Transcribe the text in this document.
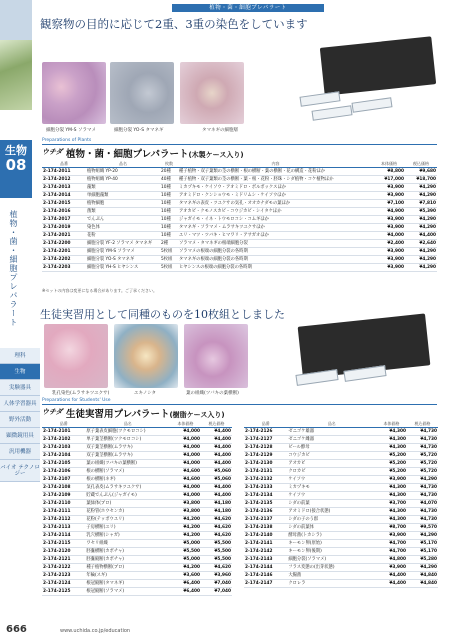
生物
08
植物・菌・細胞プレパラート
理科
生物
実験器具
人体学習器具
野外活動
顕微鏡用具
汎用機器
バイオ テクノロジー
植物・菌・細胞プレパラート
観察物の目的に応じて2重、3重の染色をしています
細胞分裂 YM-S ソラマメ	細胞分裂 YO-S タマネギ	タマネギの細胞層
Preparations of Plants
ウチダ 植物・菌・細胞プレパラート(木製ケース入り)
品番	品名	枚数	内容	本体価格	税込価格
2-174-2011	植物組織 YP-20	20種	種子植物・双子葉類の茎の横断・根の横断・葉の横断・花の構造・花粉ほか	¥8,800	¥9,680
2-174-2012	植物組織 YP-40	40種	種子植物・双子葉類の茎の横断・葉・根・花粉・胚珠・シダ植物・コケ植物ほか	¥17,000	¥18,700
2-174-2013	藻類	10種	ミカヅキモ・ケイソウ・アオミドロ・ボルボックスほか	¥3,900	¥4,290
2-174-2014	単細胞藻類	10種	アオミドロ・クンショウモ・ミドリムシ・ケイソウほか	¥3,900	¥4,290
2-174-2015	植物細胞	10種	タマネギの表皮・ツユクサの気孔・オオカナダモの葉ほか	¥7,100	¥7,810
2-174-2016	菌類	10種	アオカビ・クモノスカビ・コウジカビ・シイタケほか	¥4,900	¥5,390
2-174-2017	でんぷん	10種	ジャガイモ・イネ・トウモロコシ・コムギほか	¥3,900	¥4,290
2-174-2019	染色体	10種	タマネギ・ソラマメ・ムラサキツユクサほか	¥3,900	¥4,290
2-174-2021	花粉	10種	ユリ・マツ・ツバキ・ヒマワリ・アサガオほか	¥4,000	¥4,400
2-174-2200	細胞分裂 YF-2 ソラマメ タマネギ	2種	ソラマメ・タマネギの根端細胞分裂	¥2,400	¥2,640
2-174-2201	細胞分裂 YM-S ソラマメ	5枚組	ソラマメの根端の細胞分裂の各時期	¥3,900	¥4,290
2-174-2202	細胞分裂 YO-S タマネギ	5枚組	タマネギの根端の細胞分裂の各時期	¥3,900	¥4,290
2-174-2203	細胞分裂 YH-S ヒヤシンス	5枚組	ヒヤシンスの根端の細胞分裂の各時期	¥3,900	¥4,290
※セットの内容は変更になる場合があります。ご了承ください。
生徒実習用として同種のものを10枚組としました
乳孔染色(ムラサキツユクサ)	ユキノシタ	葉の組織(ツバキの葉横断)
Preparations for Students' Use
ウチダ 生徒実習用プレパラート(樹脂ケース入り)
品番	品名	本体価格	税込価格
2-174-2101	原子葉表皮細胞(ツクモロコシ)	¥4,000	¥4,400
2-174-2102	単子葉茎横断(ツクモロコシ)	¥4,000	¥4,400
2-174-2103	双子葉茎横断(ムラサキ)	¥4,000	¥4,400
2-174-2104	双子葉茎横断(ムラサキ)	¥4,000	¥4,400
2-174-2105	葉の組織(ツバキの葉横断)	¥4,000	¥4,400
2-174-2106	根の横断(ソラマメ)	¥4,600	¥5,060
2-174-2107	根の横断(ネギ)	¥4,600	¥5,060
2-174-2108	気孔表皮(ムラサキツユクサ)	¥4,000	¥4,400
2-174-2109	貯蔵でんぷん(ジャガイモ)	¥4,000	¥4,400
2-174-2110	葉緑体(ブロ)	¥3,800	¥4,180
2-174-2111	花粉管(ホウセンカ)	¥3,800	¥4,180
2-174-2112	花粉(テッポウユリ)	¥4,200	¥4,620
2-174-2113	子房横断(ユリ)	¥4,200	¥4,620
2-174-2114	乳穴横断(シャガ)	¥4,200	¥4,620
2-174-2115	ワセリ組織	¥5,000	¥5,500
2-174-2120	胚嚢横断(カボチャ)	¥5,500	¥5,500
2-174-2121	胚嚢縦断(カボチャ)	¥5,000	¥5,500
2-174-2122	種子植物横断(ブロ)	¥4,200	¥4,620
2-174-2123	年輪(スギ)	¥3,600	¥3,960
2-174-2124	根冠縦断(タマネギ)	¥6,400	¥7,040
2-174-2125	根冠縦断(ソラマメ)	¥6,400	¥7,040
品番	品名	本体価格	税込価格
2-174-2126	ゼニゴケ雄器	¥4,300	¥4,730
2-174-2127	ゼニゴケ雌器	¥4,300	¥4,730
2-174-2128	ビール酵母	¥4,300	¥4,730
2-174-2129	コウジカビ	¥5,200	¥5,720
2-174-2130	アオカビ	¥5,200	¥5,720
2-174-2131	クロカビ	¥5,200	¥5,720
2-174-2132	ケイソウ	¥3,900	¥4,290
2-174-2133	ミカヅキモ	¥4,300	¥4,730
2-174-2134	ケイソウ	¥4,300	¥4,730
2-174-2135	シダの前葉	¥3,700	¥4,070
2-174-2136	アオミドロ(接合状態)	¥4,300	¥4,730
2-174-2137	シダの子のう群	¥4,300	¥4,730
2-174-2138	シダの前葉体	¥8,700	¥9,570
2-174-2140	酵母菌(トカシラ)	¥3,900	¥4,290
2-174-2141	キーモン卵(原始)	¥4,700	¥5,170
2-174-2142	キーモン卵(後期)	¥4,700	¥5,170
2-174-2143	細胞分裂(ソラマメ)	¥4,800	¥5,280
2-174-2144	フラス変態の(出芽状態)	¥3,900	¥4,290
2-174-2146	大腸菌	¥4,400	¥4,840
2-174-2147	クロレラ	¥4,400	¥4,840
666	www.uchida.co.jp/education
